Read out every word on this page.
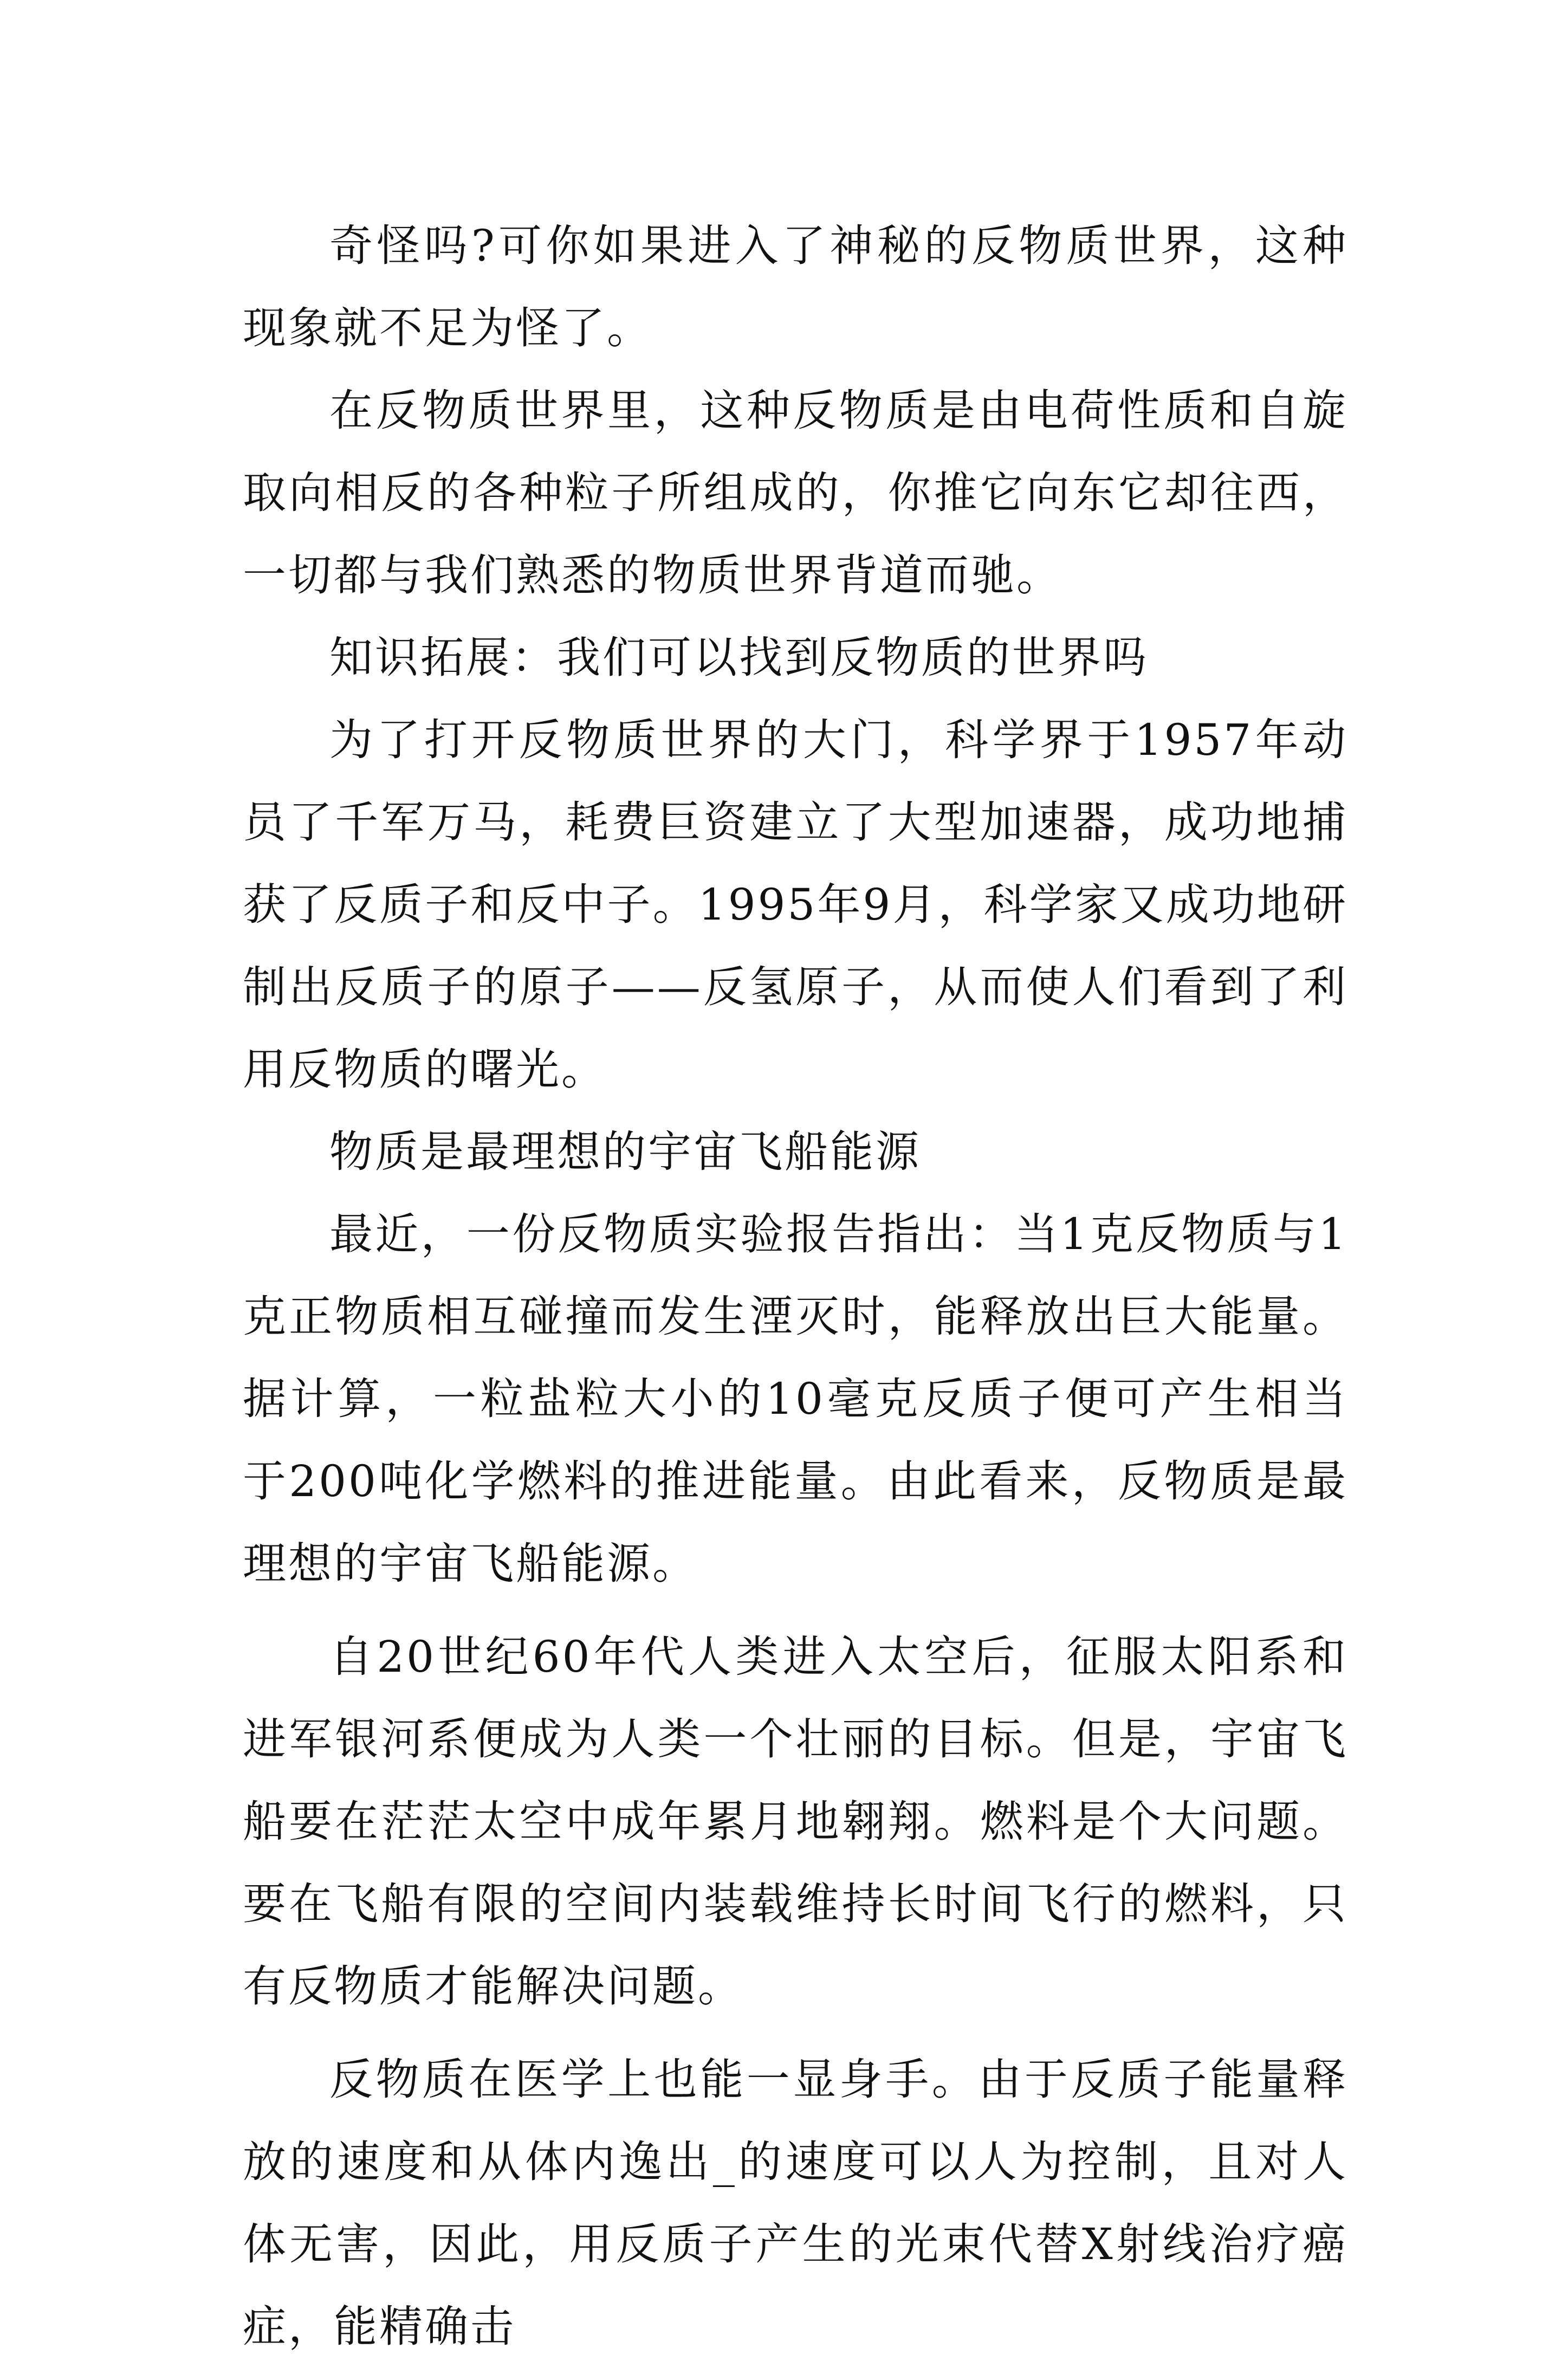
奇怪吗?可你如果进入了神秘的反物质世界，这种现象就不足为怪了。

在反物质世界里，这种反物质是由电荷性质和自旋取向相反的各种粒子所组成的，你推它向东它却往西，一切都与我们熟悉的物质世界背道而驰。

知识拓展：我们可以找到反物质的世界吗

为了打开反物质世界的大门，科学界于1957年动员了千军万马，耗费巨资建立了大型加速器，成功地捕获了反质子和反中子。1995年9月，科学家又成功地研制出反质子的原子——反氢原子，从而使人们看到了利用反物质的曙光。

物质是最理想的宇宙飞船能源

最近，一份反物质实验报告指出：当1克反物质与1克正物质相互碰撞而发生湮灭时，能释放出巨大能量。据计算，一粒盐粒大小的10毫克反质子便可产生相当于200吨化学燃料的推进能量。由此看来，反物质是最理想的宇宙飞船能源。

自20世纪60年代人类进入太空后，征服太阳系和进军银河系便成为人类一个壮丽的目标。但是，宇宙飞船要在茫茫太空中成年累月地翱翔。燃料是个大问题。要在飞船有限的空间内装载维持长时间飞行的燃料，只有反物质才能解决问题。

反物质在医学上也能一显身手。由于反质子能量释放的速度和从体内逸出_的速度可以人为控制，且对人体无害，因此，用反质子产生的光束代替X射线治疗癌症，能精确击
